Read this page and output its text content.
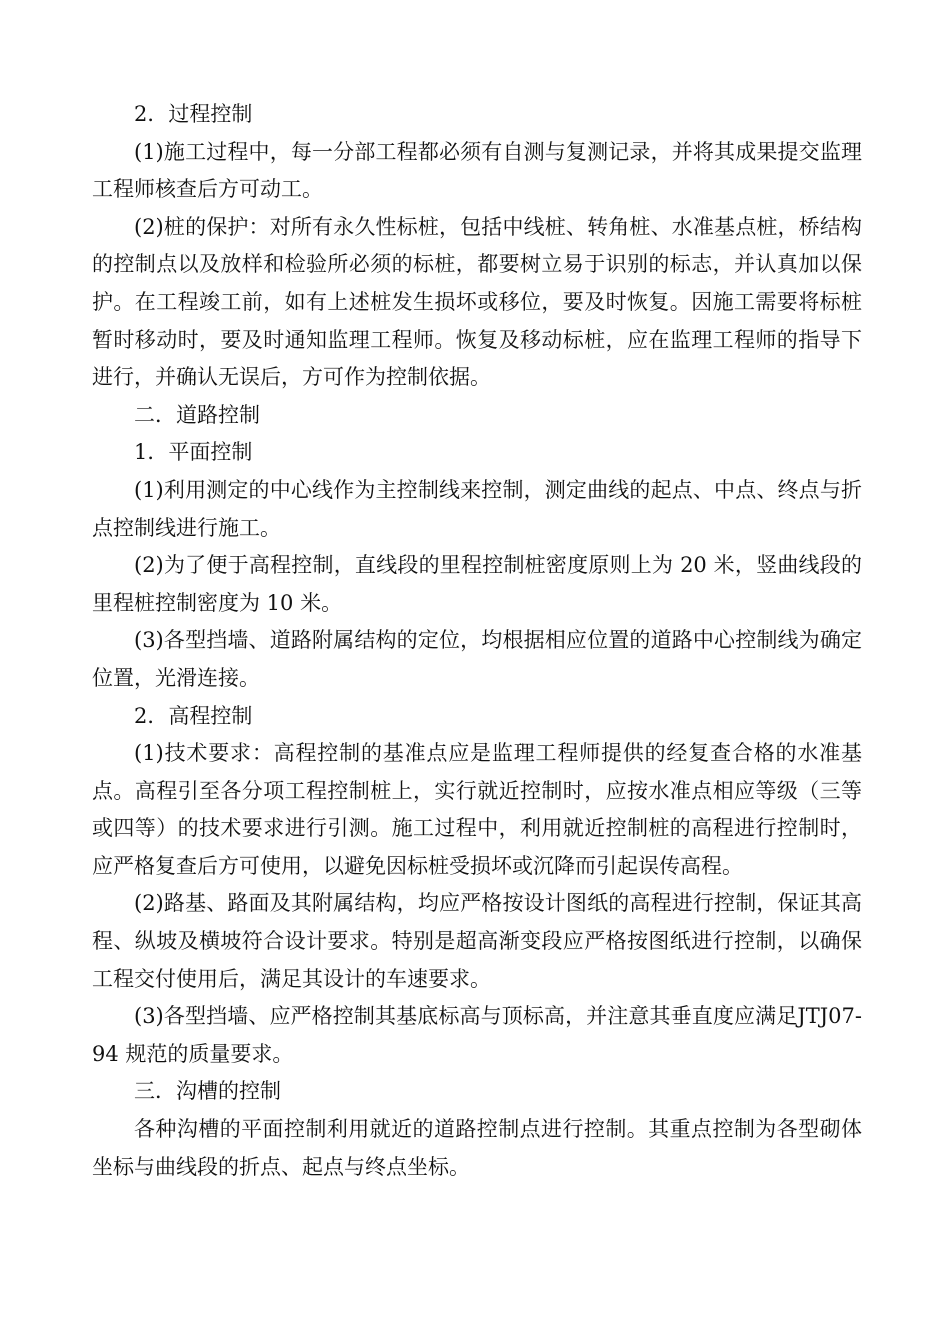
2．过程控制

(1)施工过程中，每一分部工程都必须有自测与复测记录，并将其成果提交监理工程师核查后方可动工。

(2)桩的保护：对所有永久性标桩，包括中线桩、转角桩、水准基点桩，桥结构的控制点以及放样和检验所必须的标桩，都要树立易于识别的标志，并认真加以保护。在工程竣工前，如有上述桩发生损坏或移位，要及时恢复。因施工需要将标桩暂时移动时，要及时通知监理工程师。恢复及移动标桩，应在监理工程师的指导下进行，并确认无误后，方可作为控制依据。

二．道路控制

1．平面控制

(1)利用测定的中心线作为主控制线来控制，测定曲线的起点、中点、终点与折点控制线进行施工。

(2)为了便于高程控制，直线段的里程控制桩密度原则上为 20 米，竖曲线段的里程桩控制密度为 10 米。

(3)各型挡墙、道路附属结构的定位，均根据相应位置的道路中心控制线为确定位置，光滑连接。

2．高程控制

(1)技术要求：高程控制的基准点应是监理工程师提供的经复查合格的水准基点。高程引至各分项工程控制桩上，实行就近控制时，应按水准点相应等级（三等或四等）的技术要求进行引测。施工过程中，利用就近控制桩的高程进行控制时，应严格复查后方可使用，以避免因标桩受损坏或沉降而引起误传高程。

(2)路基、路面及其附属结构，均应严格按设计图纸的高程进行控制，保证其高程、纵坡及横坡符合设计要求。特别是超高渐变段应严格按图纸进行控制，以确保工程交付使用后，满足其设计的车速要求。

(3)各型挡墙、应严格控制其基底标高与顶标高，并注意其垂直度应满足JTJ07-94 规范的质量要求。

三．沟槽的控制

各种沟槽的平面控制利用就近的道路控制点进行控制。其重点控制为各型砌体坐标与曲线段的折点、起点与终点坐标。
